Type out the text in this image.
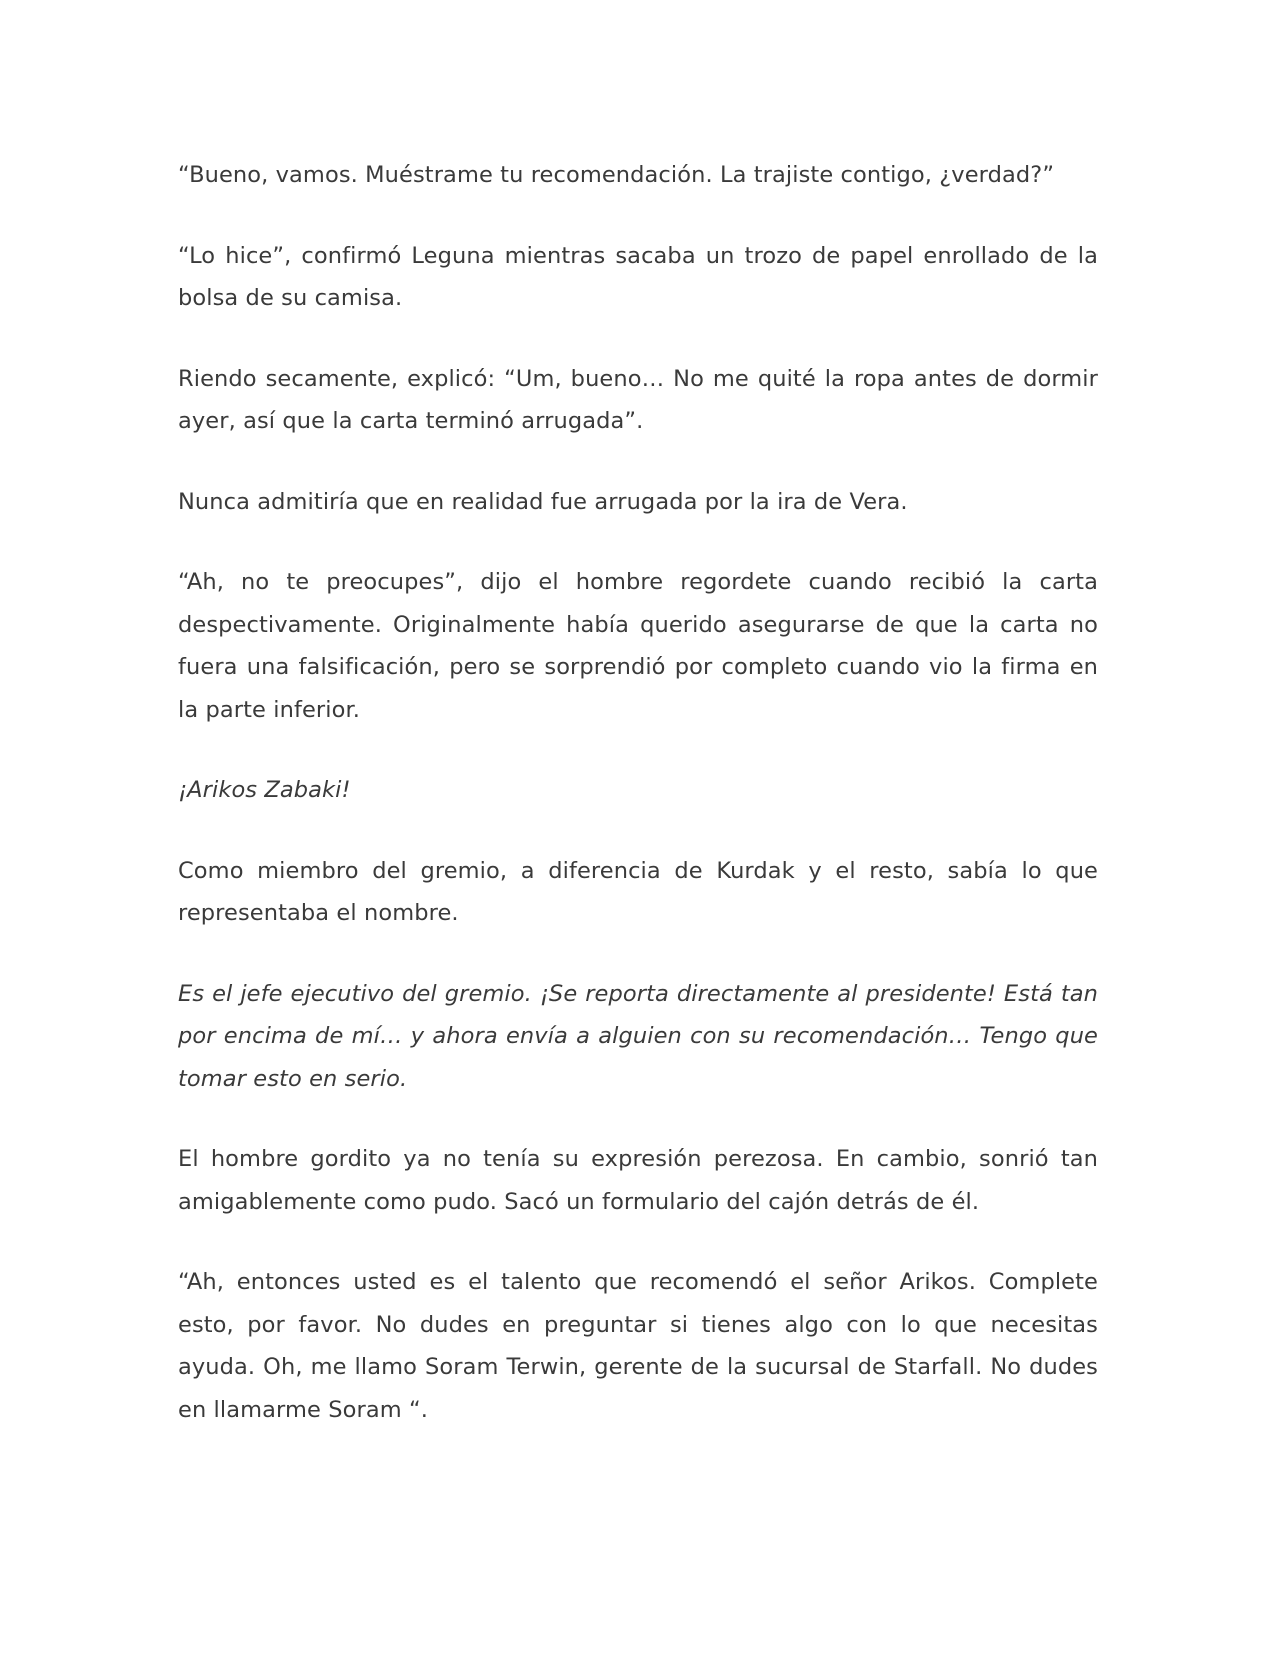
“Bueno, vamos. Muéstrame tu recomendación. La trajiste contigo, ¿verdad?”

“Lo hice”, confirmó Leguna mientras sacaba un trozo de papel enrollado de la bolsa de su camisa.

Riendo secamente, explicó: “Um, bueno… No me quité la ropa antes de dormir ayer, así que la carta terminó arrugada”.

Nunca admitiría que en realidad fue arrugada por la ira de Vera.

“Ah, no te preocupes”, dijo el hombre regordete cuando recibió la carta despectivamente. Originalmente había querido asegurarse de que la carta no fuera una falsificación, pero se sorprendió por completo cuando vio la firma en la parte inferior.

¡Arikos Zabaki!

Como miembro del gremio, a diferencia de Kurdak y el resto, sabía lo que representaba el nombre.

Es el jefe ejecutivo del gremio. ¡Se reporta directamente al presidente! Está tan por encima de mí… y ahora envía a alguien con su recomendación… Tengo que tomar esto en serio.

El hombre gordito ya no tenía su expresión perezosa. En cambio, sonrió tan amigablemente como pudo. Sacó un formulario del cajón detrás de él.

“Ah, entonces usted es el talento que recomendó el señor Arikos. Complete esto, por favor. No dudes en preguntar si tienes algo con lo que necesitas ayuda. Oh, me llamo Soram Terwin, gerente de la sucursal de Starfall. No dudes en llamarme Soram “.
